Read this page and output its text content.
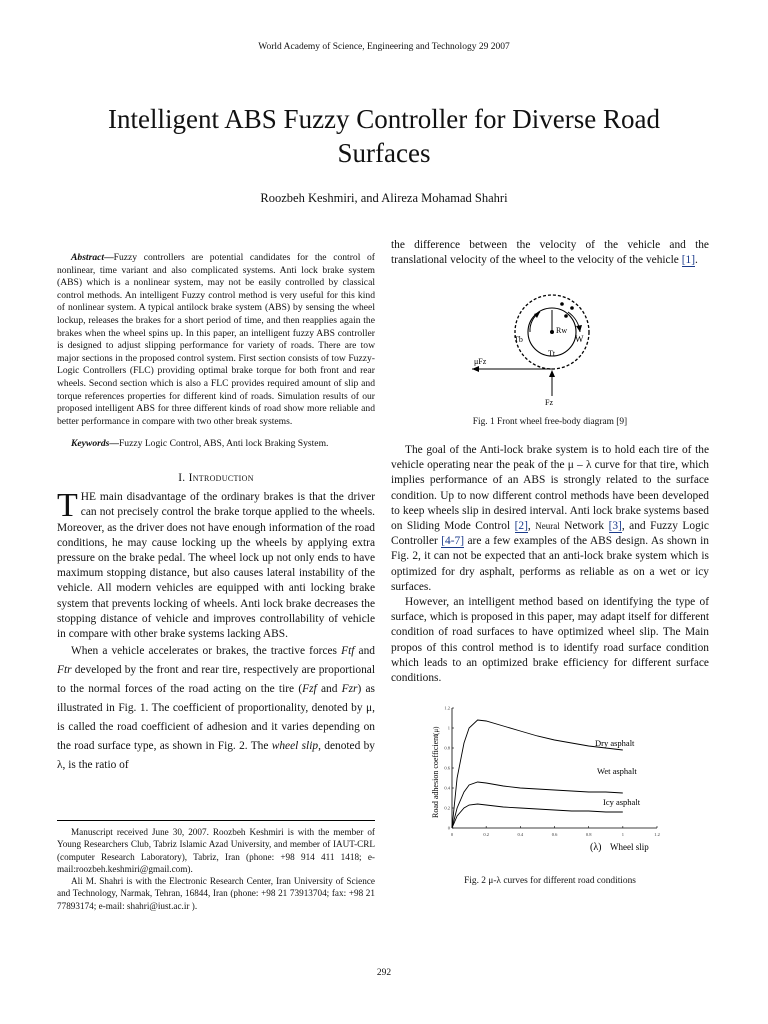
World Academy of Science, Engineering and Technology 29 2007
Intelligent ABS Fuzzy Controller for Diverse Road
Surfaces
Roozbeh Keshmiri, and Alireza Mohamad Shahri

Abstract—Fuzzy controllers are potential candidates for the control of nonlinear, time variant and also complicated systems. Anti lock brake system (ABS) which is a nonlinear system, may not be easily controlled by classical control methods. An intelligent Fuzzy control method is very useful for this kind of nonlinear system. A typical antilock brake system (ABS) by sensing the wheel lockup, releases the brakes for a short period of time, and then reapplies again the brakes when the wheel spins up. In this paper, an intelligent fuzzy ABS controller is designed to adjust slipping performance for variety of roads. There are tow major sections in the proposed control system. First section consists of tow Fuzzy-Logic Controllers (FLC) providing optimal brake torque for both front and rear wheels. Second section which is also a FLC provides required amount of slip and torque references properties for different kind of roads. Simulation results of our proposed intelligent ABS for three different kinds of road show more reliable and better performance in compare with two other break systems.

Keywords—Fuzzy Logic Control, ABS, Anti lock Braking System.

I. Introduction

THE main disadvantage of the ordinary brakes is that the driver can not precisely control the brake torque applied to the wheels. Moreover, as the driver does not have enough information of the road conditions, he may cause locking up the wheels by applying extra pressure on the brake pedal. The wheel lock up not only ends to have maximum stopping distance, but also causes lateral instability of the vehicle. All modern vehicles are equipped with anti locking brake system that prevents locking of wheels. Anti lock brake decreases the stopping distance of vehicle and improves controllability of vehicle in compare with other brake systems lacking ABS.

When a vehicle accelerates or brakes, the tractive forces Ftf and Ftr developed by the front and rear tire, respectively are proportional to the normal forces of the road acting on the tire (Fzf and Fzr) as illustrated in Fig. 1. The coefficient of proportionality, denoted by μ, is called the road coefficient of adhesion and it varies depending on the road surface type, as shown in Fig. 2. The wheel slip, denoted by λ, is the ratio of

Manuscript received June 30, 2007. Roozbeh Keshmiri is with the member of Young Researchers Club, Tabriz Islamic Azad University, and member of IAUT-CRL (computer Research Laboratory), Tabriz, Iran (phone: +98 914 411 1418; e-mail:roozbeh.keshmiri@gmail.com).

Ali M. Shahri is with the Electronic Research Center, Iran University of Science and Technology, Narmak, Tehran, 16844, Iran (phone: +98 21 73913704; fax: +98 21 77893174; e-mail: shahri@iust.ac.ir ).

the difference between the velocity of the vehicle and the translational velocity of the wheel to the velocity of the vehicle [1].

Tb
Rw
W
Tt
μFz
Fz
Fig. 1 Front wheel free-body diagram [9]

The goal of the Anti-lock brake system is to hold each tire of the vehicle operating near the peak of the μ – λ curve for that tire, which implies performance of an ABS is strongly related to the surface condition. Up to now different control methods have been developed to keep wheels slip in desired interval. Anti lock brake systems based on Sliding Mode Control [2], Neural Network [3], and Fuzzy Logic Controller [4-7] are a few examples of the ABS design. As shown in Fig. 2, it can not be expected that an anti-lock brake system which is optimized for dry asphalt, performs as reliable as on a wet or icy surfaces.

However, an intelligent method based on identifying the type of surface, which is proposed in this paper, may adapt itself for different condition of road surfaces to have optimized wheel slip. The Main propos of this control method is to identify road surface condition which leads to an optimized brake efficiency for different surface conditions.

0	0.2	0.4	0.6	0.8	1	1.2
0
0.2
0.4
0.6
0.8
1
1.2
Dry asphalt
Wet asphalt
Icy asphalt
Road adhesion coefficient
(μ)
(λ) Wheel slip
Fig. 2 μ-λ curves for different road conditions
292
